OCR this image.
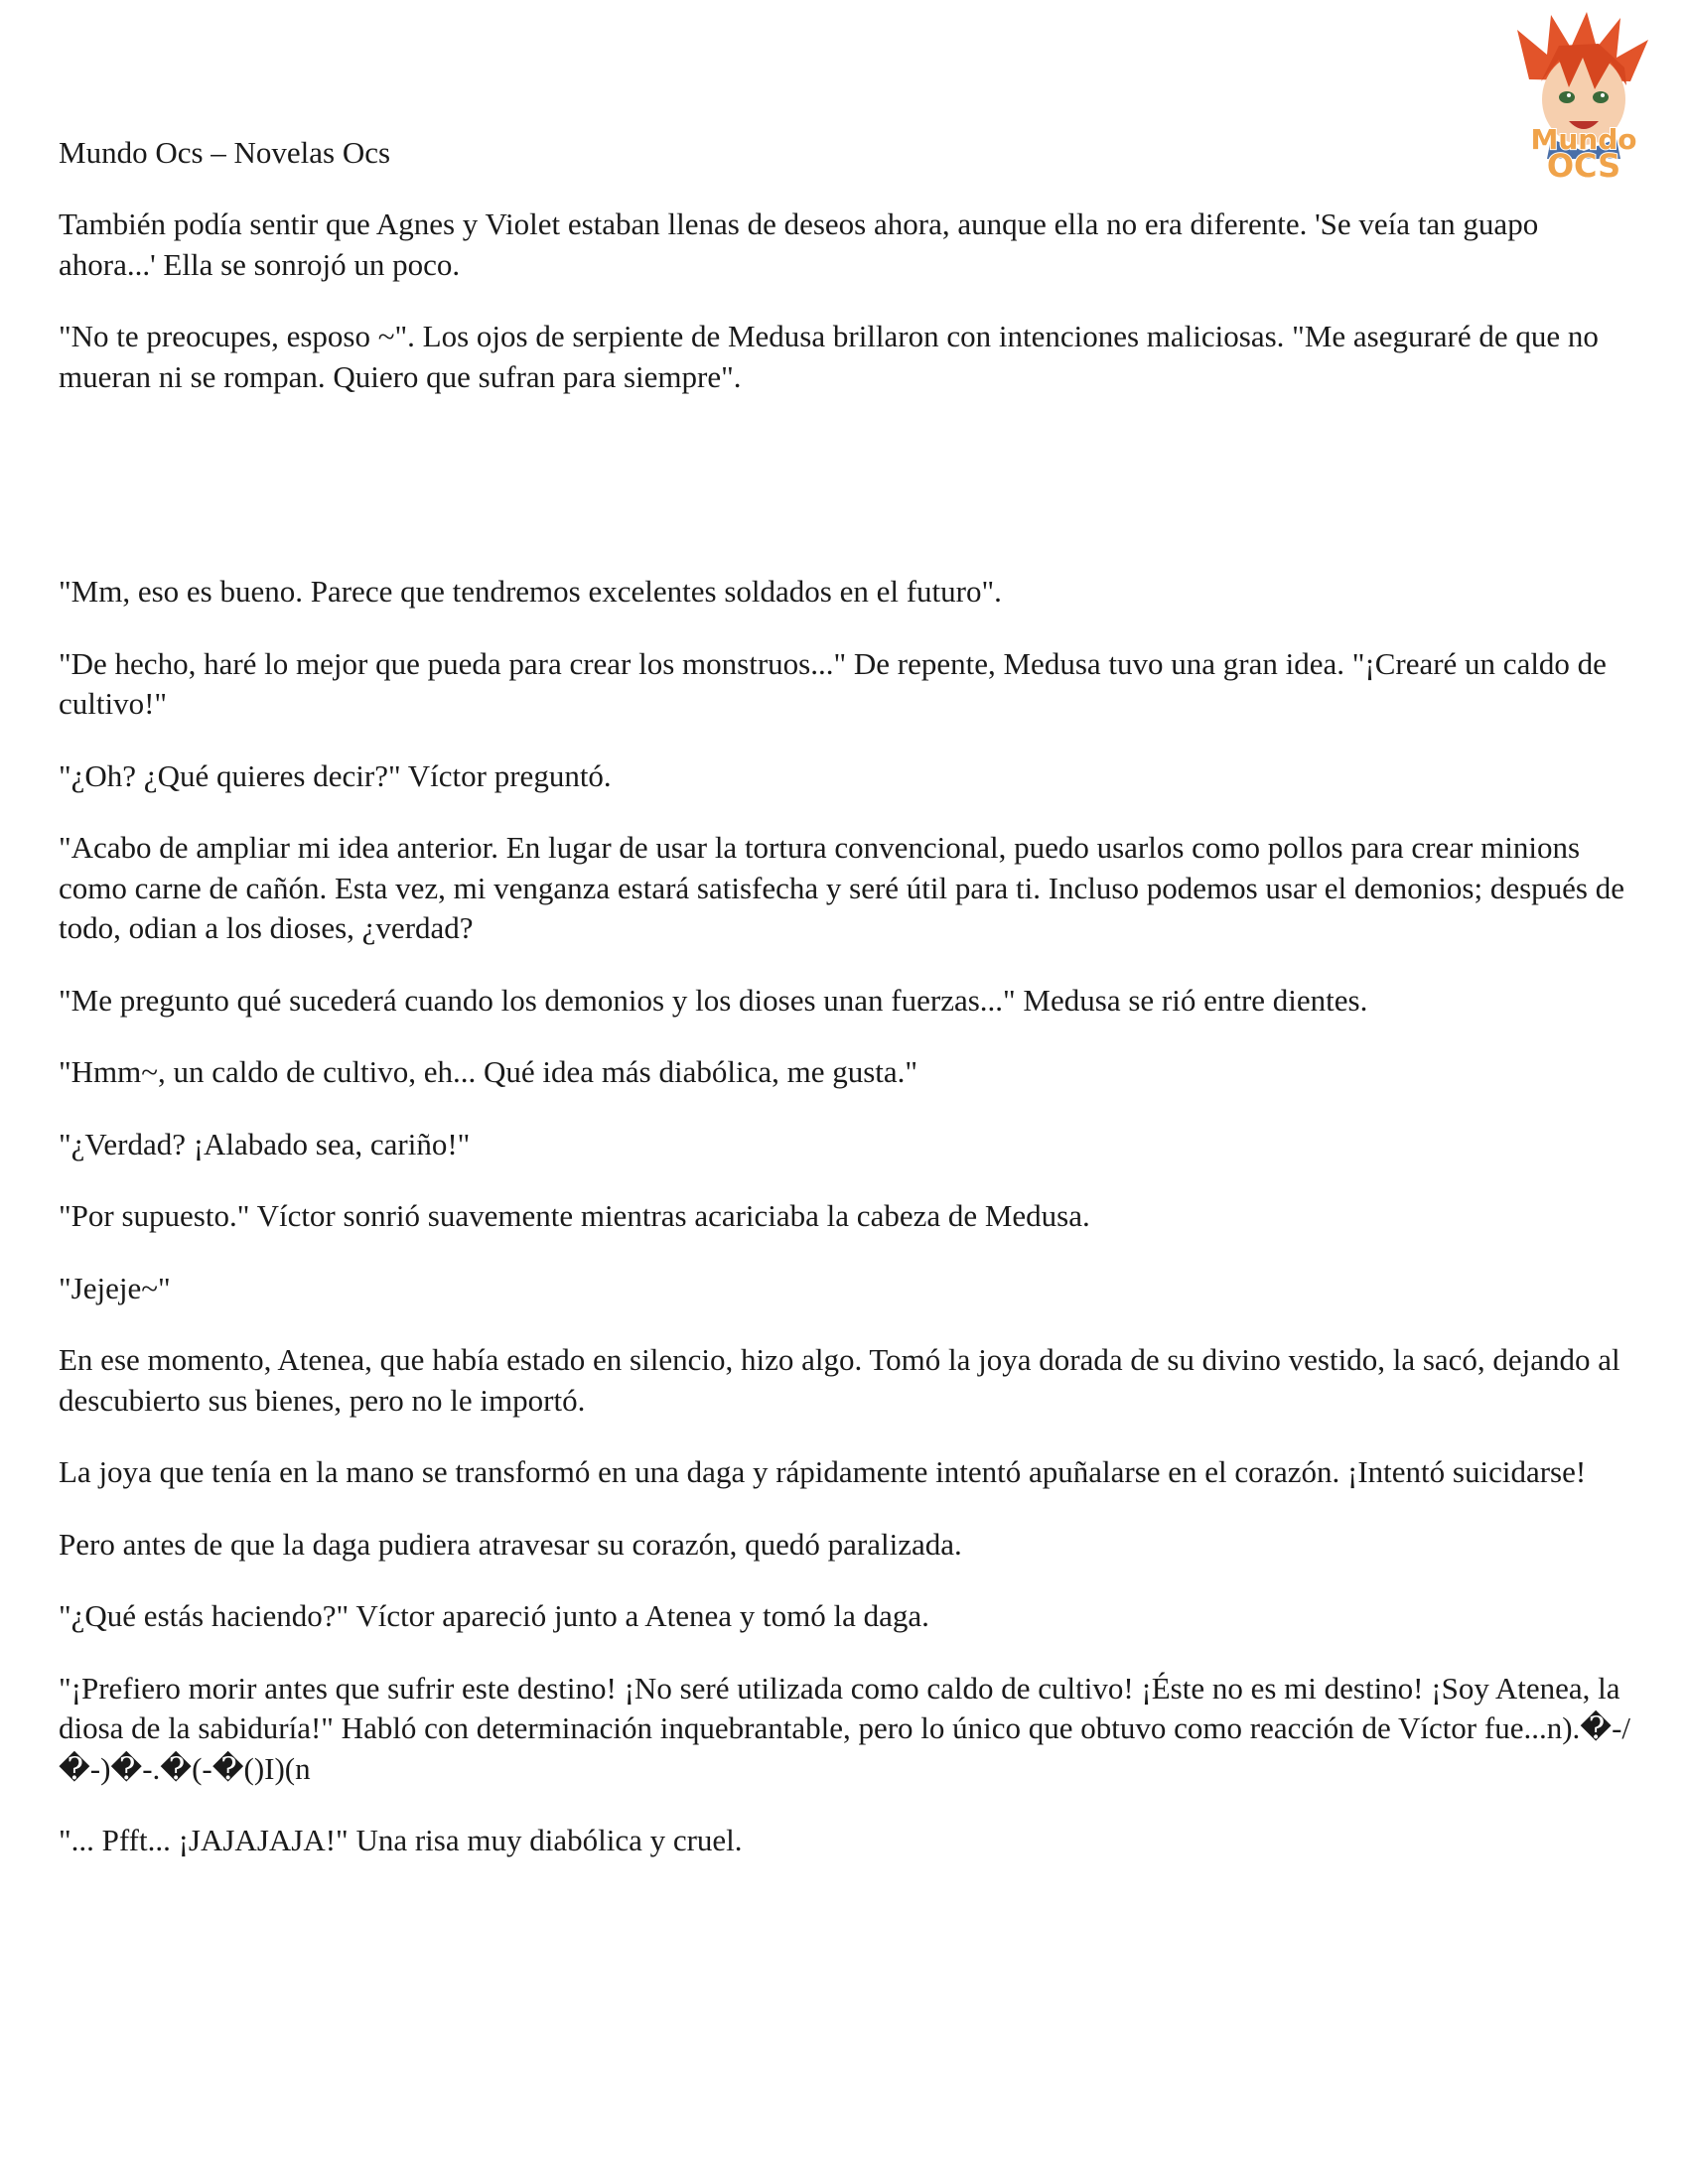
Mundo
OCS
Mundo Ocs – Novelas Ocs

También podía sentir que Agnes y Violet estaban llenas de deseos ahora, aunque ella no era diferente. 'Se veía tan guapo ahora...' Ella se sonrojó un poco.

"No te preocupes, esposo ~". Los ojos de serpiente de Medusa brillaron con intenciones maliciosas. "Me aseguraré de que no mueran ni se rompan. Quiero que sufran para siempre".

"Mm, eso es bueno. Parece que tendremos excelentes soldados en el futuro".

"De hecho, haré lo mejor que pueda para crear los monstruos..." De repente, Medusa tuvo una gran idea. "¡Crearé un caldo de cultivo!"

"¿Oh? ¿Qué quieres decir?" Víctor preguntó.

"Acabo de ampliar mi idea anterior. En lugar de usar la tortura convencional, puedo usarlos como pollos para crear minions como carne de cañón. Esta vez, mi venganza estará satisfecha y seré útil para ti. Incluso podemos usar el demonios; después de todo, odian a los dioses, ¿verdad?

"Me pregunto qué sucederá cuando los demonios y los dioses unan fuerzas..." Medusa se rió entre dientes.

"Hmm~, un caldo de cultivo, eh... Qué idea más diabólica, me gusta."

"¿Verdad? ¡Alabado sea, cariño!"

"Por supuesto." Víctor sonrió suavemente mientras acariciaba la cabeza de Medusa.

"Jejeje~"

En ese momento, Atenea, que había estado en silencio, hizo algo. Tomó la joya dorada de su divino vestido, la sacó, dejando al descubierto sus bienes, pero no le importó.

La joya que tenía en la mano se transformó en una daga y rápidamente intentó apuñalarse en el corazón. ¡Intentó suicidarse!

Pero antes de que la daga pudiera atravesar su corazón, quedó paralizada.

"¿Qué estás haciendo?" Víctor apareció junto a Atenea y tomó la daga.

"¡Prefiero morir antes que sufrir este destino! ¡No seré utilizada como caldo de cultivo! ¡Éste no es mi destino! ¡Soy Atenea, la diosa de la sabiduría!" Habló con determinación inquebrantable, pero lo único que obtuvo como reacción de Víctor fue...n).�-/�-)�-.�(-�()I)(n

"... Pfft... ¡JAJAJAJA!" Una risa muy diabólica y cruel.
